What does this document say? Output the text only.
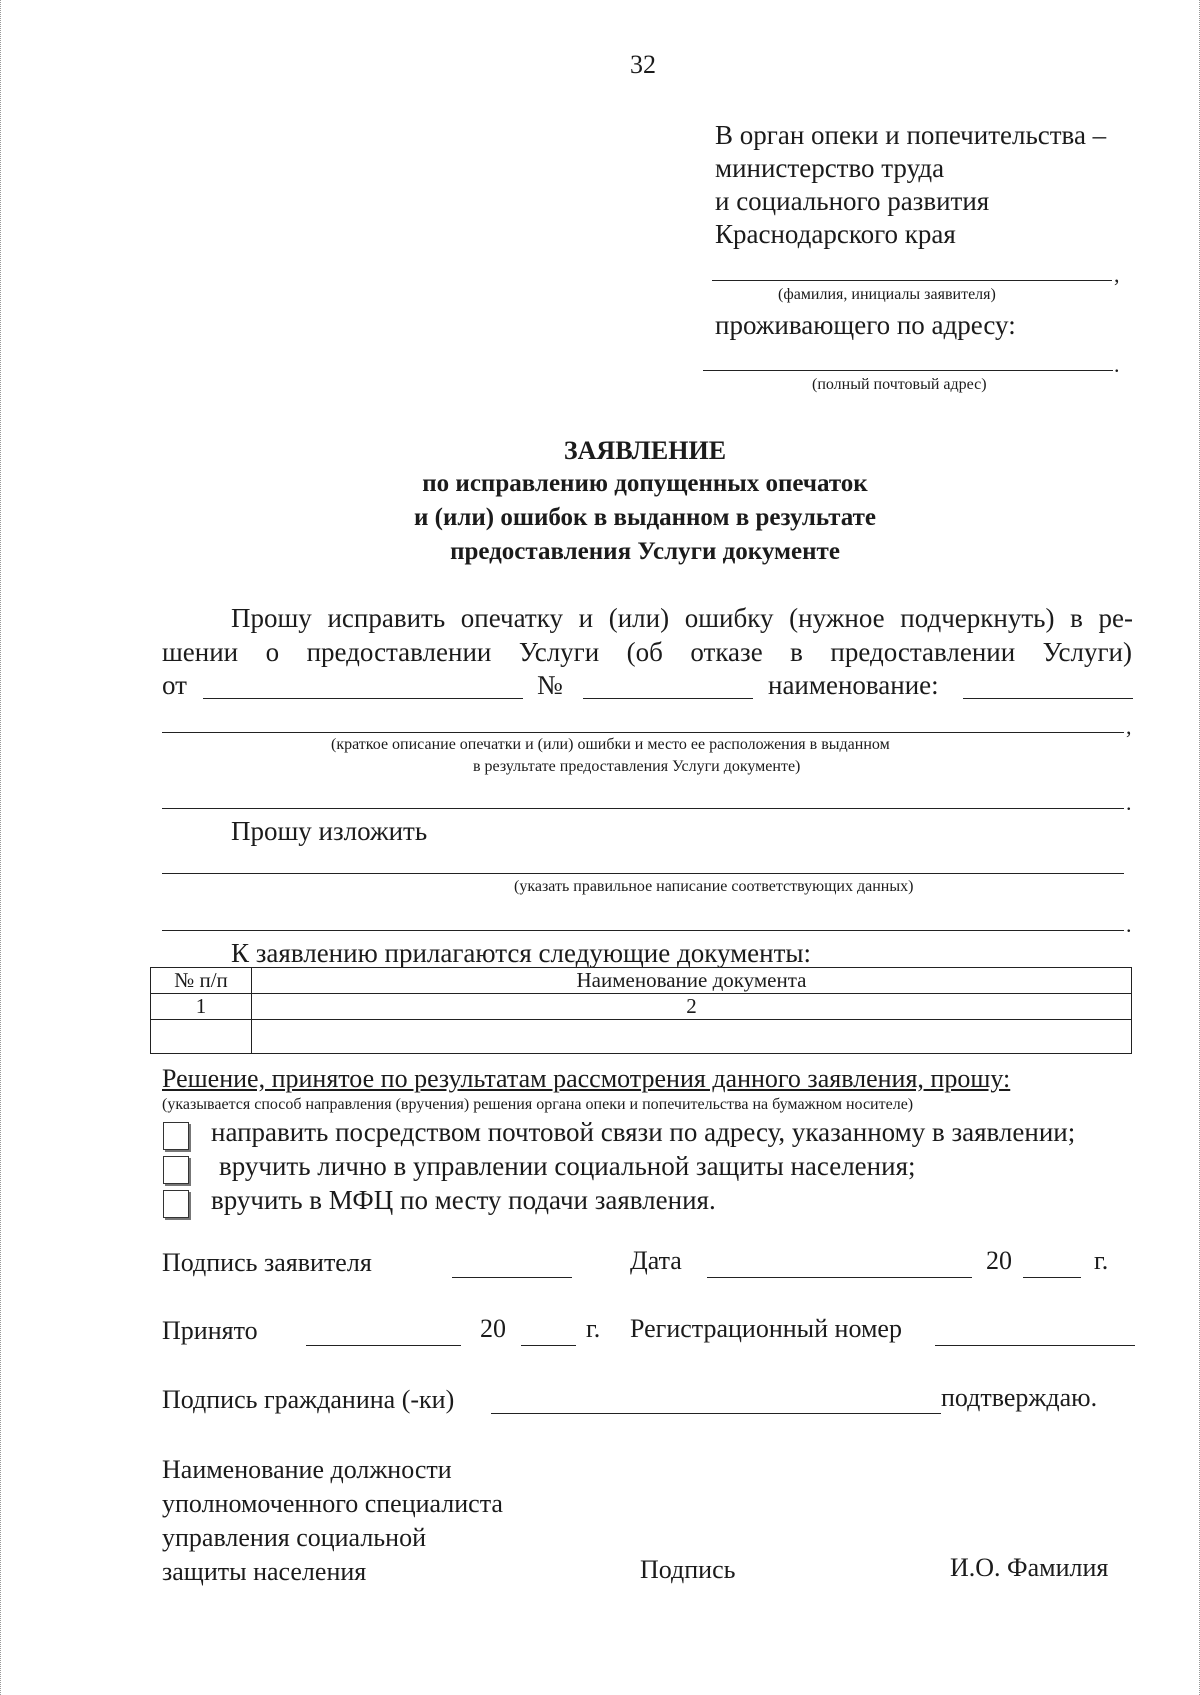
32
В орган опеки и попечительства –
министерство труда
и социального развития
Краснодарского края
,
(фамилия, инициалы заявителя)
проживающего по адресу:
.
(полный почтовый адрес)
ЗАЯВЛЕНИЕ
по исправлению допущенных опечаток
и (или) ошибок в выданном в результате
предоставления Услуги документе
Прошу исправить опечатку и (или) ошибку (нужное подчеркнуть) в ре-
шении о предоставлении Услуги (об отказе в предоставлении Услуги)
от	№	наименование:
,
(краткое описание опечатки и (или) ошибки и место ее расположения в выданном
в результате предоставления Услуги документе)
.
Прошу изложить
(указать правильное написание соответствующих данных)
.
К заявлению прилагаются следующие документы:
№ п/п	Наименование документа
1	2

Решение, принятое по результатам рассмотрения данного заявления, прошу:
(указывается способ направления (вручения) решения органа опеки и попечительства на бумажном носителе)
направить посредством почтовой связи по адресу, указанному в заявлении;
вручить лично в управлении социальной защиты населения;
вручить в МФЦ по месту подачи заявления.
Подпись заявителя	Дата	20	г.
Принято	20	г. Регистрационный номер
Подпись гражданина (-ки)	подтверждаю.
Наименование должности
уполномоченного специалиста
управления социальной
защиты населения	Подпись	И.О. Фамилия
